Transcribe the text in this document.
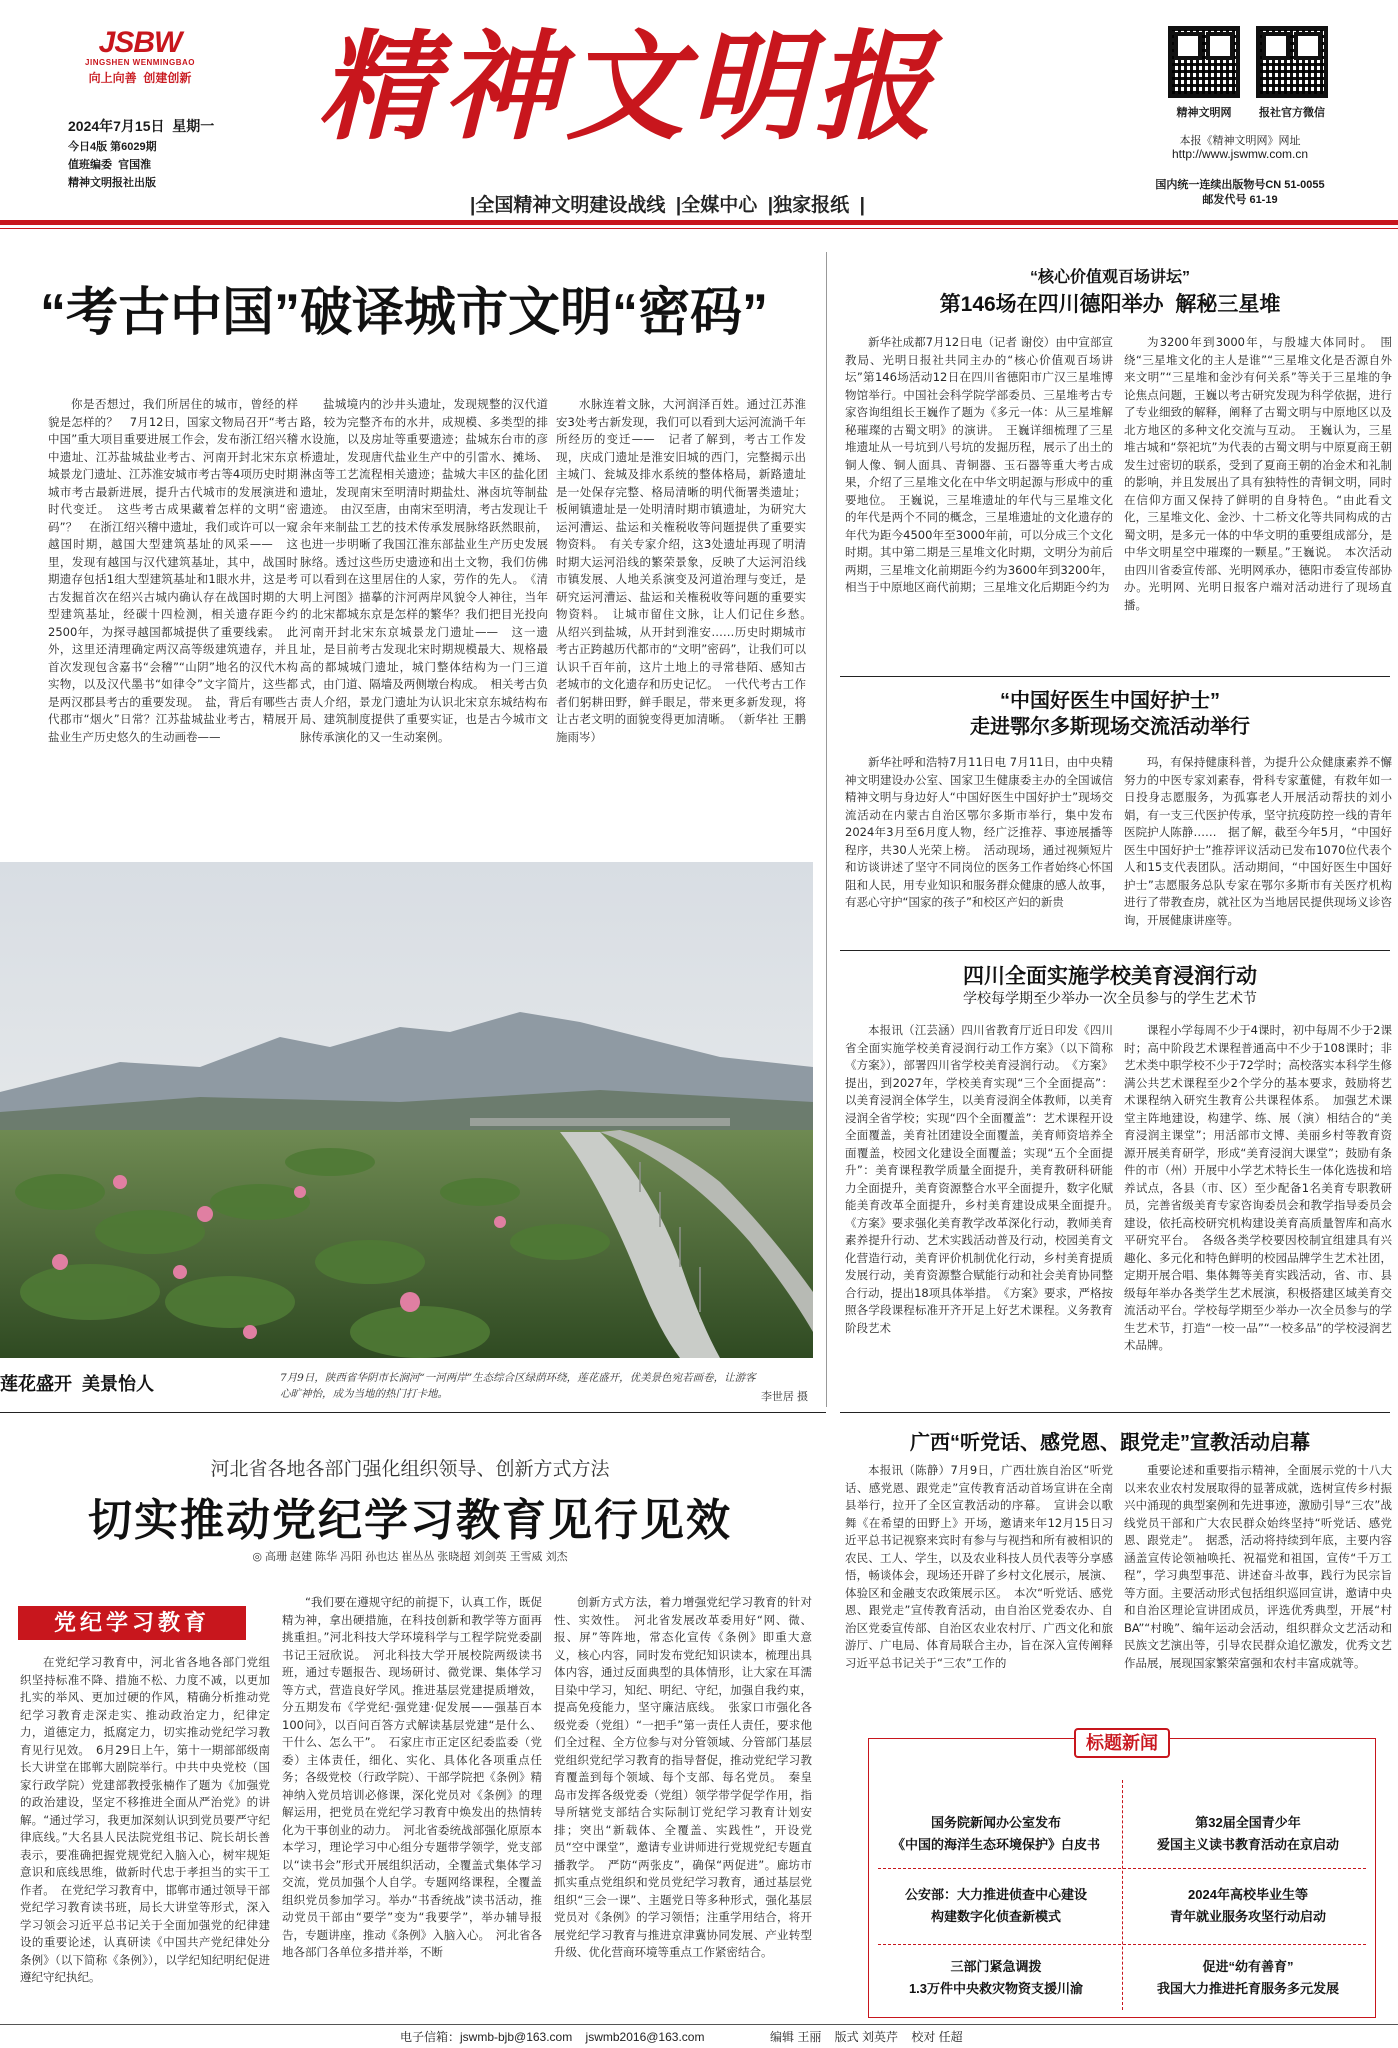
JSBW
JINGSHEN WENMINGBAO
向上向善  创建创新
2024年7月15日  星期一
今日4版 第6029期
值班编委  官国淮
精神文明报社出版
精神文明报	精神文明网	报社官方微信
本报《精神文明网》网址
http://www.jswmw.com.cn
国内统一连续出版物号CN 51-0055
邮发代号 61-19
|全国精神文明建设战线  |全媒中心  |独家报纸  |
“考古中国”破译城市文明“密码”

你是否想过，我们所居住的城市，曾经的样貌是怎样的？　7月12日，国家文物局召开“考古中国”重大项目重要进展工作会，发布浙江绍兴稽中遗址、江苏盐城盐业考古、河南开封北宋东京城景龙门遗址、江苏淮安城市考古等4项历史时期城市考古最新进展，提升古代城市的发展演进和时代变迁。　这些考古成果藏着怎样的文明“密码”？　在浙江绍兴稽中遗址，我们或许可以一窥越国时期，越国大型建筑基址的风采——　这里，发现有越国与汉代建筑基址，其中，战国时期遗存包括1组大型建筑基址和1眼水井，这是考古发掘首次在绍兴古城内确认存在战国时期的大型建筑基址，经碳十四检测，相关遗存距今约2500年，为探寻越国都城提供了重要线索。　此外，这里还清理确定两汉高等级建筑遗存，并且首次发现包含嘉书“会稽”“山阴”地名的汉代木构实物，以及汉代墨书“如律令”文字简片，这些都是两汉郡县考古的重要发现。　盐，背后有哪些古代郡市“烟火”日常？江苏盐城盐业考古，精展开盐业生产历史悠久的生动画卷——

盐城境内的沙井头遗址，发现规整的汉代道路，较为完整齐布的水井，成规模、多类型的排水设施，以及房址等重要遗迹；盐城东台市的彦桥遗址，发现唐代盐业生产中的引雷水、摊场、淋卤等工艺流程相关遗迹；盐城大丰区的盐化团遗址，发现南宋至明清时期盐灶、淋卤坑等制盐遗迹。　由汉至唐，由南宋至明清，考古发现让千余年来制盐工艺的技术传承发展脉络跃然眼前，也进一步明晰了我国江淮东部盐业生产历史发展脉络。透过这些历史遗迹和出土文物，我们仿佛可以看到在这里居住的人家，劳作的先人。　《清明上河图》描摹的汴河两岸风貌令人神往，当年的北宋都城东京是怎样的繁华？我们把目光投向河南开封北宋东京城景龙门遗址——　这一遗址，是目前考古发现北宋时期规模最大、规格最高的都城城门遗址，城门整体结构为一门三道式，由门道、隔墙及两侧墩台构成。　相关考古负责人介绍，景龙门遗址为认识北宋京东城结构布局、建筑制度提供了重要实证，也是古今城市文脉传承演化的又一生动案例。

水脉连着文脉，大河润泽百姓。通过江苏淮安3处考古新发现，我们可以看到大运河流淌千年所经历的变迁——　记者了解到，考古工作发现，庆成门遗址是淮安旧城的西门，完整揭示出主城门、瓮城及排水系统的整体格局，新路遗址是一处保存完整、格局清晰的明代衙署类遗址；板闸镇遗址是一处明清时期市镇遗址，为研究大运河漕运、盐运和关権税收等问题提供了重要实物资料。　有关专家介绍，这3处遗址再现了明清时期大运河沿线的繁荣景象，反映了大运河沿线市镇发展、人地关系演变及河道治理与变迁，是研究运河漕运、盐运和关権税收等问题的重要实物资料。　让城市留住文脉，让人们记住乡愁。　从绍兴到盐城，从开封到淮安……历史时期城市考古正跨越历代都市的“文明”密码”，让我们可以认识千百年前，这片土地上的寻常巷陌、感知古老城市的文化遗存和历史记忆。　一代代考古工作者们躬耕田野，鲜手眼足，带来更多新发现，将让古老文明的面貌变得更加清晰。　（新华社 王鹏 施雨岑）

莲花盛开  美景怡人	7月9日，陕西省华阴市长涧河“一河两岸”生态综合区绿荫环绕，莲花盛开，优美景色宛若画卷，让游客心旷神怡，成为当地的热门打卡地。	李世居 摄
“核心价值观百场讲坛”
第146场在四川德阳举办  解秘三星堆

新华社成都7月12日电（记者 谢佼）由中宣部宣教局、光明日报社共同主办的“核心价值观百场讲坛”第146场活动12日在四川省德阳市广汉三星堆博物馆举行。中国社会科学院学部委员、三星堆考古专家咨询组组长王巍作了题为《多元一体：从三星堆解秘璀璨的古蜀文明》的演讲。　王巍详细梳理了三星堆遗址从一号坑到八号坑的发掘历程，展示了出土的铜人像、铜人面具、青铜器、玉石器等重大考古成果，介绍了三星堆文化在中华文明起源与形成中的重要地位。　王巍说，三星堆遗址的年代与三星堆文化的年代是两个不同的概念，三星堆遗址的文化遗存的年代为距今4500年至3000年前，可以分成三个文化时期。其中第二期是三星堆文化时期，文明分为前后两期，三星堆文化前期距今约为3600年到3200年，相当于中原地区商代前期；三星堆文化后期距今约为

为3200年到3000年，与殷墟大体同时。　围绕“三星堆文化的主人是谁”“三星堆文化是否源自外来文明”“三星堆和金沙有何关系”等关于三星堆的争论焦点问题，王巍以考古研究发现为科学依据，进行了专业细致的解释，阐释了古蜀文明与中原地区以及北方地区的多种文化交流与互动。　王巍认为，三星堆古城和“祭祀坑”为代表的古蜀文明与中原夏商王朝发生过密切的联系，受到了夏商王朝的冶金术和礼制的影响，并且发展出了具有独特性的青铜文明，同时在信仰方面又保持了鲜明的自身特色。“由此看文化，三星堆文化、金沙、十二桥文化等共同构成的古蜀文明，是多元一体的中华文明的重要组成部分，是中华文明星空中璀璨的一颗星。”王巍说。　本次活动由四川省委宣传部、光明网承办，德阳市委宣传部协办。光明网、光明日报客户端对活动进行了现场直播。

“中国好医生中国好护士”
走进鄂尔多斯现场交流活动举行

新华社呼和浩特7月11日电 7月11日，由中央精神文明建设办公室、国家卫生健康委主办的全国诚信精神文明与身边好人“中国好医生中国好护士”现场交流活动在内蒙古自治区鄂尔多斯市举行，集中发布2024年3月至6月度人物，经广泛推荐、事迹展播等程序，共30人光荣上榜。　活动现场，通过视频短片和访谈讲述了坚守不同岗位的医务工作者始终心怀国阻和人民，用专业知识和服务群众健康的感人故事，有恶心守护“国家的孩子”和校区产妇的新贵

玛，有保持健康科普，为提升公众健康素养不懈努力的中医专家刘素春，骨科专家董健，有救年如一日投身志愿服务，为孤寡老人开展活动帮扶的刘小娟，有一支三代医护传承，坚守抗疫防控一线的青年医院护人陈静……　据了解，截至今年5月，“中国好医生中国好护士”推荐评议活动已发布1070位代表个人和15支代表团队。活动期间，“中国好医生中国好护士”志愿服务总队专家在鄂尔多斯市有关医疗机构进行了带教查房，就社区为当地居民提供现场义诊咨询，开展健康讲座等。

四川全面实施学校美育浸润行动
学校每学期至少举办一次全员参与的学生艺术节

本报讯（江芸涵）四川省教育厅近日印发《四川省全面实施学校美育浸润行动工作方案》（以下简称《方案》），部署四川省学校美育浸润行动。　《方案》提出，到2027年，学校美育实现“三个全面提高”：以美育浸润全体学生，以美育浸润全体教师，以美育浸润全省学校；实现“四个全面覆盖”：艺术课程开设全面覆盖，美育社团建设全面覆盖，美育师资培养全面覆盖，校园文化建设全面覆盖；实现“五个全面提升”：美育课程教学质量全面提升，美育教研科研能力全面提升，美育资源整合水平全面提升，数字化赋能美育改革全面提升，乡村美育建设成果全面提升。　《方案》要求强化美育教学改革深化行动，教师美育素养提升行动、艺术实践活动普及行动，校园美育文化营造行动，美育评价机制优化行动，乡村美育提质发展行动，美育资源整合赋能行动和社会美育协同整合行动，提出18项具体举措。　《方案》要求，严格按照各学段课程标准开齐开足上好艺术课程。义务教育阶段艺术

课程小学每周不少于4课时，初中每周不少于2课时；高中阶段艺术课程普通高中不少于108课时；非艺术类中职学校不少于72学时；高校落实本科学生修满公共艺术课程至少2个学分的基本要求，鼓励将艺术课程纳入研究生教育公共课程体系。　加强艺术课堂主阵地建设，构建学、练、展（演）相结合的“美育浸润主课堂”；用活部市文博、美丽乡村等教育资源开展美育研学，形成“美育浸润大课堂”；鼓励有条件的市（州）开展中小学艺术特长生一体化选拔和培养试点，各县（市、区）至少配备1名美育专职教研员，完善省级美育专家咨询委员会和教学指导委员会建设，依托高校研究机构建设美育高质量智库和高水平研究平台。　各级各类学校要因校制宜组建具有兴趣化、多元化和特色鲜明的校园品牌学生艺术社团，定期开展合唱、集体舞等美育实践活动，省、市、县级每年举办各类学生艺术展演，积极搭建区域美育交流活动平台。学校每学期至少举办一次全员参与的学生艺术节，打造“一校一品”“一校多品”的学校浸润艺术品牌。

广西“听党话、感党恩、跟党走”宣教活动启幕

本报讯（陈静）7月9日，广西壮族自治区“听党话、感党恩、跟党走”宣传教育活动首场宣讲在全南县举行，拉开了全区宣教活动的序幕。　宣讲会以歌舞《在希望的田野上》开场，邀请来年12月15日习近平总书记视察来宾时有参与与视挡和所有被相识的农民、工人、学生，以及农业科技人员代表等分享感悟，畅谈体会，现场还开辟了乡村文化展示，展演、体验区和金融支农政策展示区。　本次“听党话、感党恩、跟党走”宣传教育活动，由自治区党委农办、自治区党委宣传部、自治区农业农村厅、广西文化和旅游厅、广电局、体育局联合主办，旨在深入宣传阐释习近平总书记关于“三农”工作的

重要论述和重要指示精神，全面展示党的十八大以来农业农村发展取得的显著成就，选树宣传乡村振兴中涌现的典型案例和先进事迹，激励引导“三农”战线党员干部和广大农民群众始终坚持“听党话、感党恩、跟党走”。　据悉，活动将持续到年底，主要内容涵盖宣传论领袖唤托、祝福党和祖国，宣传“千万工程”，学习典型事范、讲述奋斗故事，践行为民宗旨等方面。主要活动形式包括组织巡回宣讲，邀请中央和自治区理论宣讲团成员，评选优秀典型，开展“村BA”“村晚”、编年运动会活动，组织群众文艺活动和民族文艺演出等，引导农民群众追忆激发，优秀文艺作品展，展现国家繁荣富强和农村丰富成就等。

河北省各地各部门强化组织领导、创新方式方法
切实推动党纪学习教育见行见效
◎ 高珊 赵建 陈华 冯阳 孙也达 崔丛丛 张晓超 刘剑英 王雪威 刘杰
党纪学习教育

在党纪学习教育中，河北省各地各部门党组织坚持标准不降、措施不松、力度不减，以更加扎实的举风、更加过硬的作风，精确分析推动党纪学习教育走深走实、推动政治定力，纪律定力，道德定力，抵腐定力，切实推动党纪学习教育见行见效。　6月29日上午，第十一期部部级南长大讲堂在邯郸大剧院举行。中共中央党校（国家行政学院）党建部教授张楠作了题为《加强党的政治建设，坚定不移推进全面从严治党》的讲解。“通过学习，我更加深刻认识到党员要严守纪律底线。”大名县人民法院党组书记、院长胡长善表示，要准确把握党规党纪入脑入心，树牢规矩意识和底线思维，做新时代忠于孝担当的实干工作者。　在党纪学习教育中，邯郸市通过领导干部党纪学习教育读书班，局长大讲堂等形式，深入学习领会习近平总书记关于全面加强党的纪律建设的重要论述，认真研读《中国共产党纪律处分条例》（以下简称《条例》），以学纪知纪明纪促进遵纪守纪执纪。

“我们要在遵规守纪的前提下，认真工作，既促精为神，拿出硬措施，在科技创新和教学等方面再挑重担。”河北科技大学环境科学与工程学院党委副书记王冠欣说。　河北科技大学开展校院两级读书班，通过专题报告、现场研讨、微党课、集体学习等方式，营造良好学风。推进基层党建提质增效，分五期发布《学党纪·强党建·促发展——强基百本100问》，以百问百答方式解读基层党建“是什么、干什么、怎么干”。　石家庄市正定区纪委监委（党委）主体责任，细化、实化、具体化各项重点任务；各级党校（行政学院）、干部学院把《条例》精神纳入党员培训必修课，深化党员对《条例》的理解运用，把党员在党纪学习教育中焕发出的热情转化为干事创业的动力。　河北省委统战部强化原原本本学习，理论学习中心组分专题带学领学，党支部以“读书会”形式开展组织活动，全覆盖式集体学习交流，党员加强个人自学。专题网络课程，全覆盖组织党员参加学习。举办“书香统战”读书活动，推动党员干部由“要学”变为“我要学”，举办辅导报告，专题讲座，推动《条例》入脑入心。　河北省各地各部门各单位多措并举，不断

创新方式方法，着力增强党纪学习教育的针对性、实效性。　河北省发展改革委用好“网、微、报、屏”等阵地，常态化宣传《条例》即重大意义，核心内容，同时发布党纪知识读本，梳理出具体内容，通过反面典型的具体情形，让大家在耳濡目染中学习，知纪、明纪、守纪，加强自我约束，提高免疫能力，坚守廉洁底线。　张家口市强化各级党委（党组）“一把手”第一责任人责任，要求他们全过程、全方位参与对分管领域、分管部门基层党组织党纪学习教育的指导督促，推动党纪学习教育覆盖到每个领域、每个支部、每名党员。　秦皇岛市发挥各级党委（党组）领学带学促学作用，指导所辖党支部结合实际制订党纪学习教育计划安排；突出“新载体、全覆盖、实践性”，开设党员“空中课堂”，邀请专业讲师进行党规党纪专题直播教学。　严防“两张皮”，确保“两促进”。廊坊市抓实重点党组织和党员党纪学习教育，通过基层党组织“三会一课”、主题党日等多种形式，强化基层党员对《条例》的学习领悟；注重学用结合，将开展党纪学习教育与推进京津冀协同发展、产业转型升级、优化营商环境等重点工作紧密结合。

标题新闻
国务院新闻办公室发布
《中国的海洋生态环境保护》白皮书
第32届全国青少年
爱国主义读书教育活动在京启动
公安部：大力推进侦查中心建设
构建数字化侦查新模式
2024年高校毕业生等
青年就业服务攻坚行动启动
三部门紧急调拨
1.3万件中央救灾物资支援川渝
促进“幼有善育”
我国大力推进托育服务多元发展
电子信箱：jswmb-bjb@163.com    jswmb2016@163.com	编辑 王丽    版式 刘英芹    校对 任超
